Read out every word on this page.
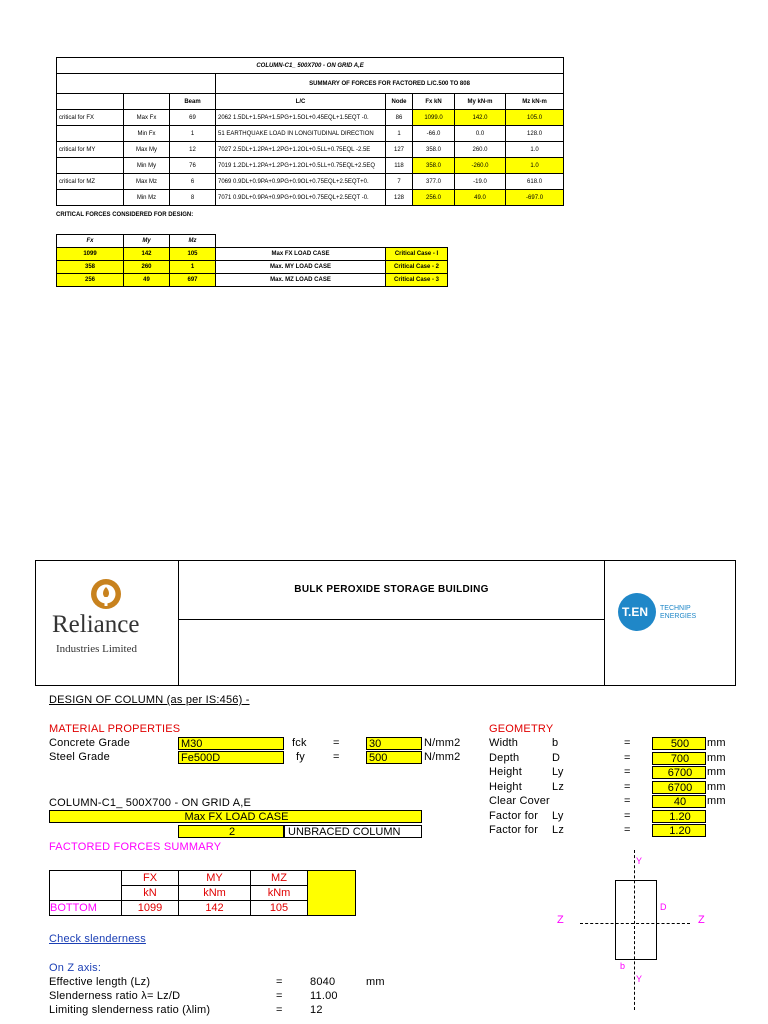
COLUMN-C1_ 500X700 - ON GRID A,E							
			SUMMARY OF FORCES FOR FACTORED L/C.500 TO 808				
		Beam	L/C	Node	Fx kN	My kN-m	Mz kN-m
critical for FX	Max Fx	69	2062 1.5DL+1.5PA+1.5PG+1.5OL+0.45EQL+1.5EQT -0.	86	1099.0	142.0	105.0
	Min Fx	1	51 EARTHQUAKE LOAD IN LONGITUDINAL DIRECTION	1	-66.0	0.0	128.0
critical for MY	Max My	12	7027 2.5DL+1.2PA+1.2PG+1.2OL+0.5LL+0.75EQL -2.5E	127	358.0	260.0	1.0
	Min My	76	7019 1.2DL+1.2PA+1.2PG+1.2OL+0.5LL+0.75EQL+2.5EQ	118	358.0	-260.0	1.0
critical for MZ	Max Mz	6	7069 0.9DL+0.9PA+0.9PG+0.9OL+0.75EQL+2.5EQT+0.	7	377.0	-19.0	618.0
	Min Mz	8	7071 0.9DL+0.9PA+0.9PG+0.9OL+0.75EQL+2.5EQT -0.	128	256.0	49.0	-697.0
CRITICAL FORCES CONSIDERED FOR DESIGN:
Fx	My	Mz		
1099	142	105	Max FX LOAD CASE	Critical Case - I
358	260	1	Max. MY LOAD CASE	Critical Case - 2
256	49	697	Max. MZ LOAD CASE	Critical Case - 3
Reliance
Industries Limited
BULK PEROXIDE STORAGE BUILDING
T.EN TECHNIP
ENERGIES
DESIGN OF COLUMN (as per IS:456) -
MATERIAL PROPERTIES
Concrete Grade	M30	fck =	30	N/mm2
Steel Grade	Fe500D	fy	=	500	N/mm2
COLUMN-C1_ 500X700 - ON GRID A,E
Max FX LOAD CASE
2	UNBRACED COLUMN
FACTORED FORCES SUMMARY
	FX	MY	MZ	
	kN	kNm	kNm	
BOTTOM	1099	142	105	
Check slenderness
On Z axis:
Effective length (Lz)	= 8040	mm
Slenderness ratio λ= Lz/D	= 11.00
Limiting slenderness ratio (λlim)	= 12
GEOMETRY
Width	b	=	500	mm
Depth	D	=	700	mm
Height	Ly	=	6700	mm
Height	Lz	=	6700	mm
Clear Cover	=	40	mm
Factor for Ly	=	1.20
Factor for Lz	=	1.20
Y
Y
Z	Z
D
b
